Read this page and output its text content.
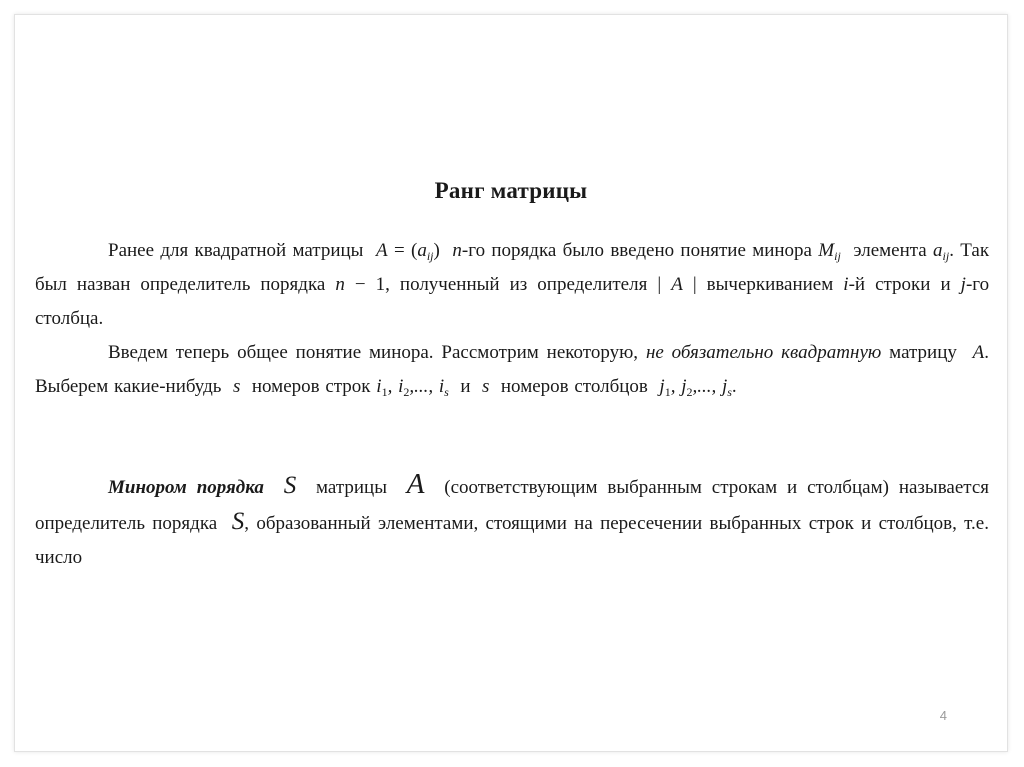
Ранг матрицы
Ранее для квадратной матрицы $A = (a_{ij})$ n-го порядка было введено понятие минора $M_{ij}$ элемента $a_{ij}$. Так был назван определитель порядка n − 1, полученный из определителя | A | вычеркиванием i-й строки и j-го столбца.
Введем теперь общее понятие минора. Рассмотрим некоторую, не обязательно квадратную матрицу A. Выберем какие-нибудь s номеров строк $i_1$, $i_2$,..., $i_s$ и s номеров столбцов $j_1$, $j_2$,..., $j_s$.
Минором порядка S матрицы A (соответствующим выбранным строкам и столбцам) называется определитель порядка S, образованный элементами, стоящими на пересечении выбранных строк и столбцов, т.е. число
4
